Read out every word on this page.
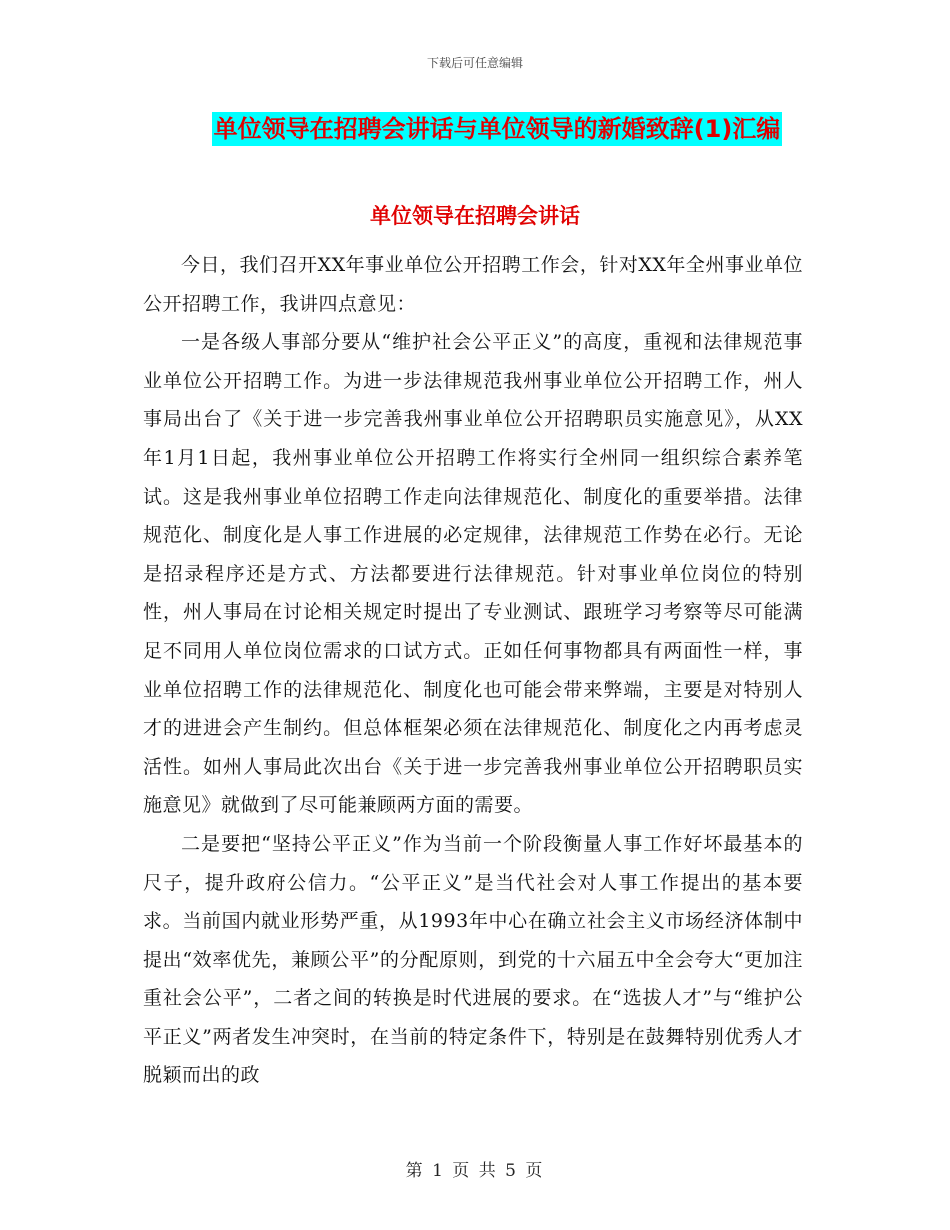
下载后可任意编辑
单位领导在招聘会讲话与单位领导的新婚致辞(1)汇编
单位领导在招聘会讲话

今日，我们召开XX年事业单位公开招聘工作会，针对XX年全州事业单位公开招聘工作，我讲四点意见：

一是各级人事部分要从“维护社会公平正义”的高度，重视和法律规范事业单位公开招聘工作。为进一步法律规范我州事业单位公开招聘工作，州人事局出台了《关于进一步完善我州事业单位公开招聘职员实施意见》，从XX年1月1日起，我州事业单位公开招聘工作将实行全州同一组织综合素养笔试。这是我州事业单位招聘工作走向法律规范化、制度化的重要举措。法律规范化、制度化是人事工作进展的必定规律，法律规范工作势在必行。无论是招录程序还是方式、方法都要进行法律规范。针对事业单位岗位的特别性，州人事局在讨论相关规定时提出了专业测试、跟班学习考察等尽可能满足不同用人单位岗位需求的口试方式。正如任何事物都具有两面性一样，事业单位招聘工作的法律规范化、制度化也可能会带来弊端，主要是对特别人才的进进会产生制约。但总体框架必须在法律规范化、制度化之内再考虑灵活性。如州人事局此次出台《关于进一步完善我州事业单位公开招聘职员实施意见》就做到了尽可能兼顾两方面的需要。

二是要把“坚持公平正义”作为当前一个阶段衡量人事工作好坏最基本的尺子，提升政府公信力。“公平正义”是当代社会对人事工作提出的基本要求。当前国内就业形势严重，从1993年中心在确立社会主义市场经济体制中提出“效率优先，兼顾公平”的分配原则，到党的十六届五中全会夸大“更加注重社会公平”，二者之间的转换是时代进展的要求。在“选拔人才”与“维护公平正义”两者发生冲突时，在当前的特定条件下，特别是在鼓舞特别优秀人才脱颖而出的政

第 1 页 共 5 页
